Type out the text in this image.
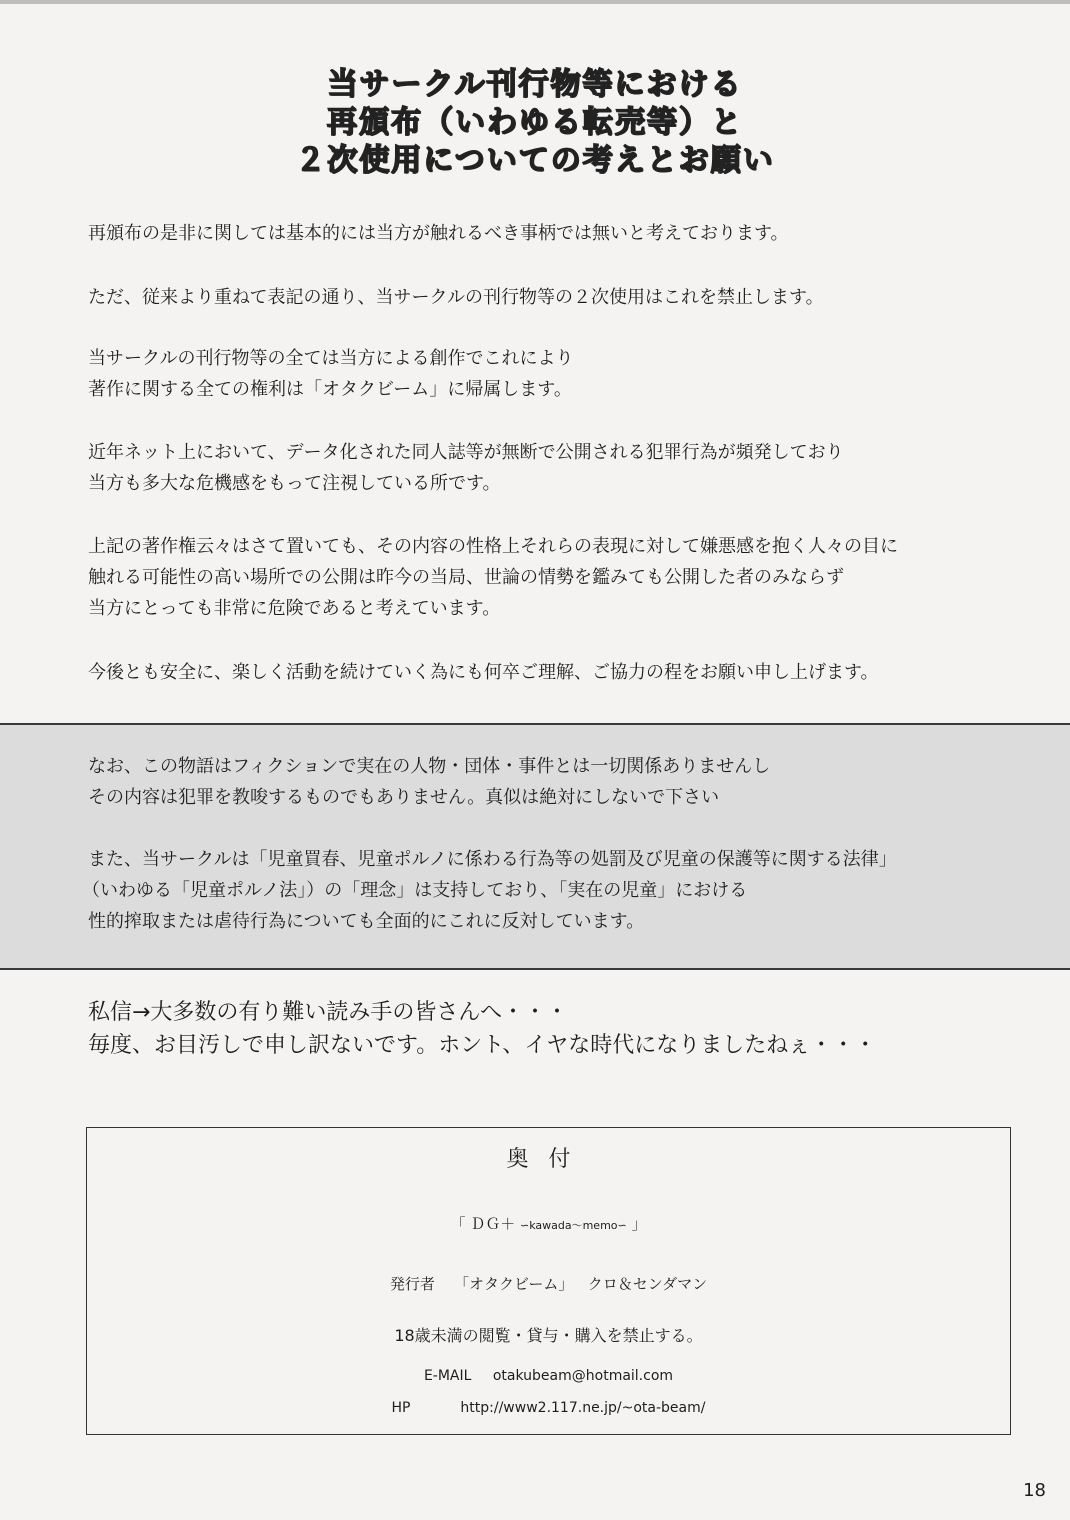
当サークル刊行物等における
再頒布（いわゆる転売等）と
２次使用についての考えとお願い
再頒布の是非に関しては基本的には当方が触れるべき事柄では無いと考えております。
ただ、従来より重ねて表記の通り、当サークルの刊行物等の２次使用はこれを禁止します。
当サークルの刊行物等の全ては当方による創作でこれにより
著作に関する全ての権利は「オタクビーム」に帰属します。
近年ネット上において、データ化された同人誌等が無断で公開される犯罪行為が頻発しており
当方も多大な危機感をもって注視している所です。
上記の著作権云々はさて置いても、その内容の性格上それらの表現に対して嫌悪感を抱く人々の目に
触れる可能性の高い場所での公開は昨今の当局、世論の情勢を鑑みても公開した者のみならず
当方にとっても非常に危険であると考えています。
今後とも安全に、楽しく活動を続けていく為にも何卒ご理解、ご協力の程をお願い申し上げます。
なお、この物語はフィクションで実在の人物・団体・事件とは一切関係ありませんし
その内容は犯罪を教唆するものでもありません。真似は絶対にしないで下さい
また、当サークルは「児童買春、児童ポルノに係わる行為等の処罰及び児童の保護等に関する法律」
（いわゆる「児童ポルノ法」）の「理念」は支持しており、「実在の児童」における
性的搾取または虐待行為についても全面的にこれに反対しています。
私信→大多数の有り難い読み手の皆さんへ・・・
毎度、お目汚しで申し訳ないです。ホント、イヤな時代になりましたねぇ・・・
奥付
「 ＤＧ＋ ∽kawada～memo∽ 」
発行者 「オタクビーム」 クロ＆センダマン
18歳未満の閲覧・貸与・購入を禁止する。
E-MAIL otakubeam@hotmail.com
HP	http://www2.117.ne.jp/~ota-beam/
18
